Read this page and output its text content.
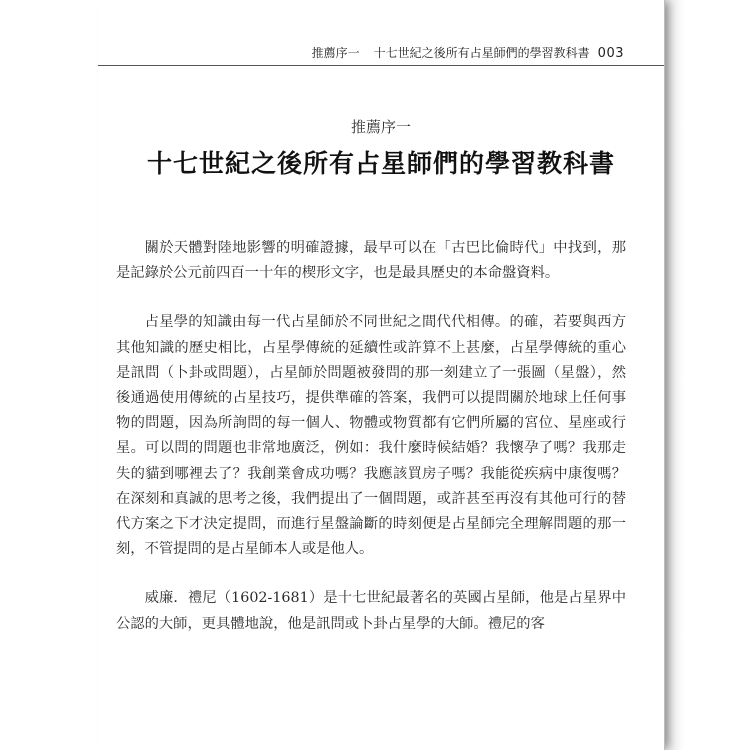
推薦序一 十七世紀之後所有占星師們的學習教科書 003
推薦序一
十七世紀之後所有占星師們的學習教科書

關於天體對陸地影響的明確證據，最早可以在「古巴比倫時代」中找到，那是記錄於公元前四百一十年的楔形文字，也是最具歷史的本命盤資料。

占星學的知識由每一代占星師於不同世紀之間代代相傳。的確，若要與西方其他知識的歷史相比，占星學傳統的延續性或許算不上甚麼，占星學傳統的重心是訊問（卜卦或問題），占星師於問題被發問的那一刻建立了一張圖（星盤），然後通過使用傳統的占星技巧，提供準確的答案，我們可以提問關於地球上任何事物的問題，因為所詢問的每一個人、物體或物質都有它們所屬的宮位、星座或行星。可以問的問題也非常地廣泛，例如：我什麼時候結婚？我懷孕了嗎？我那走失的貓到哪裡去了？我創業會成功嗎？我應該買房子嗎？我能從疾病中康復嗎？在深刻和真誠的思考之後，我們提出了一個問題，或許甚至再沒有其他可行的替代方案之下才決定提問，而進行星盤論斷的時刻便是占星師完全理解問題的那一刻，不管提問的是占星師本人或是他人。

威廉．禮尼（1602-1681）是十七世紀最著名的英國占星師，他是占星界中公認的大師，更具體地說，他是訊問或卜卦占星學的大師。禮尼的客
